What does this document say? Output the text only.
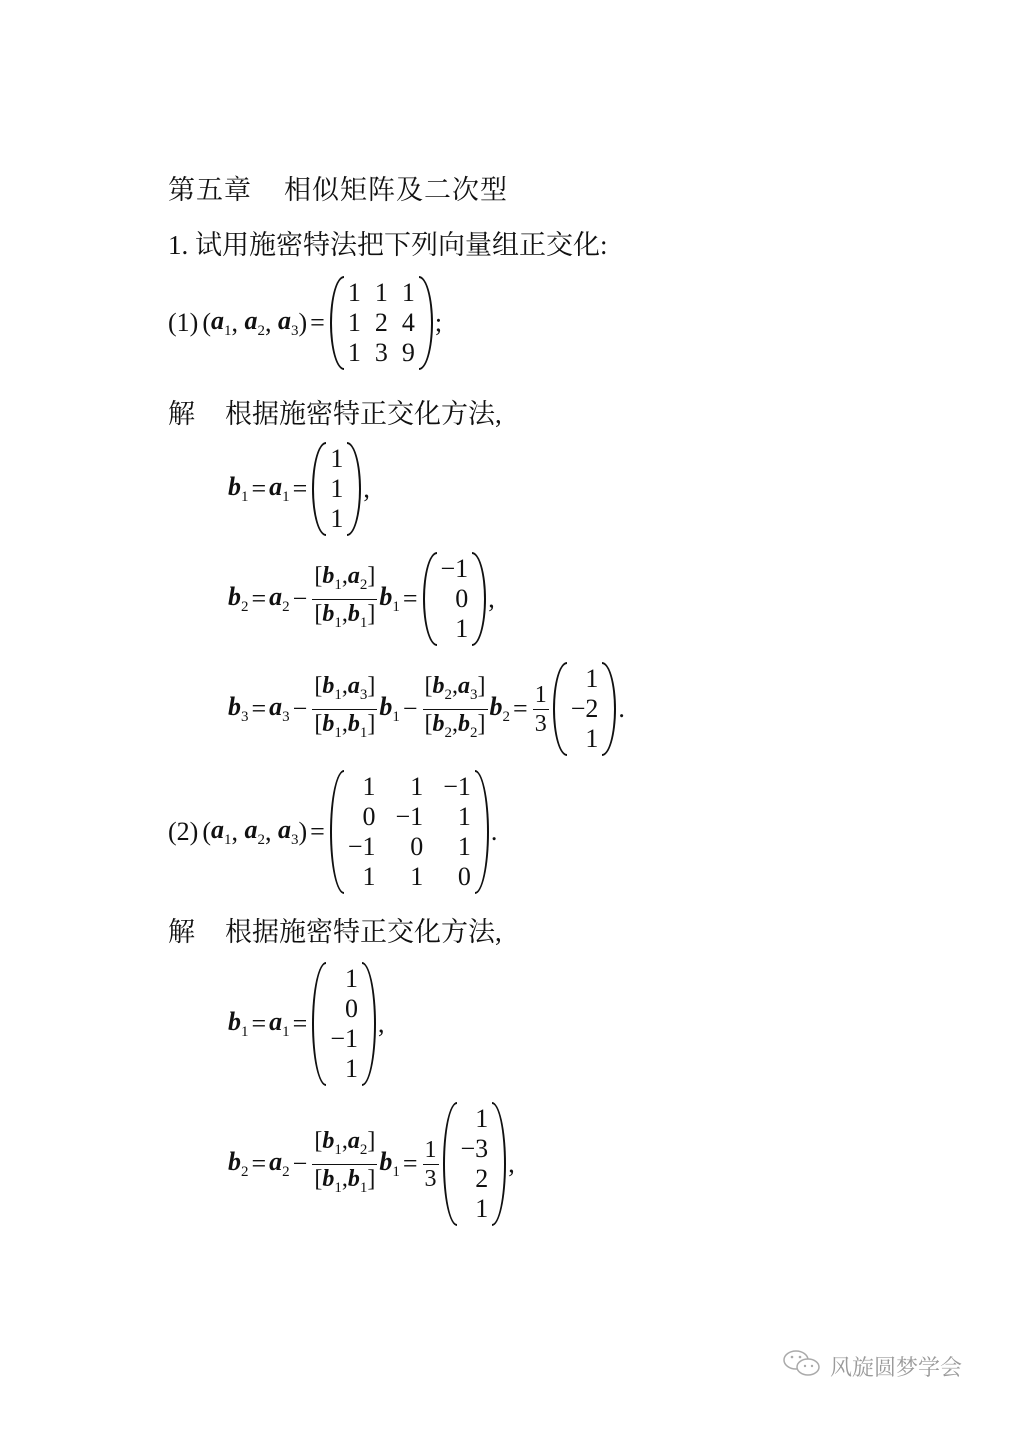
第五章 相似矩阵及二次型
1. 试用施密特法把下列向量组正交化:
(1) ( $a_1$ , $a_2$ , $a_3$ ) =
1 1 1
1 2 4
1 3 9
;
解 根据施密特正交化方法,
$b_1 = a_1$ =
1
1
1
,
$b_2 = a_2 - \frac{[b_1,a_2]}{[b_1,b_1]} b_1$ =
−1
0
1
,
$b_3 = a_3 - \frac{[b_1,a_3]}{[b_1,b_1]} b_1 - \frac{[b_2,a_3]}{[b_2,b_2]} b_2 = \frac{1}{3}$
1
−2
1
.
(2) ( $a_1$ , $a_2$ , $a_3$ ) =
1	1 −1
0 −1	1
−1	0	1
1	1	0
.
解 根据施密特正交化方法,
$b_1 = a_1$ =
1
0
−1
1
,
$b_2 = a_2 - \frac{[b_1,a_2]}{[b_1,b_1]} b_1 = \frac{1}{3}$
1
−3
2
1
,
风旋圆梦学会
